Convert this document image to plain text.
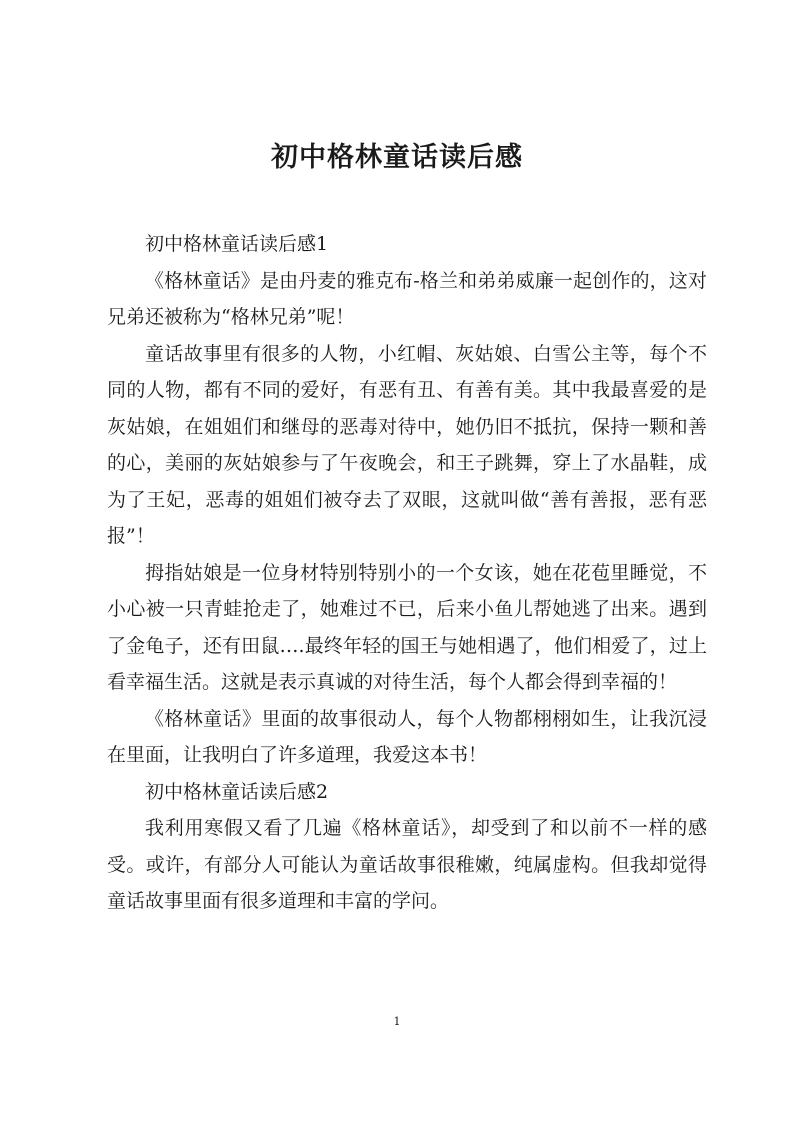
初中格林童话读后感

初中格林童话读后感1

《格林童话》是由丹麦的雅克布-格兰和弟弟威廉一起创作的，这对兄弟还被称为“格林兄弟”呢！

童话故事里有很多的人物，小红帽、灰姑娘、白雪公主等，每个不同的人物，都有不同的爱好，有恶有丑、有善有美。其中我最喜爱的是灰姑娘，在姐姐们和继母的恶毒对待中，她仍旧不抵抗，保持一颗和善的心，美丽的灰姑娘参与了午夜晚会，和王子跳舞，穿上了水晶鞋，成为了王妃，恶毒的姐姐们被夺去了双眼，这就叫做“善有善报，恶有恶报”！

拇指姑娘是一位身材特别特别小的一个女该，她在花苞里睡觉，不小心被一只青蛙抢走了，她难过不已，后来小鱼儿帮她逃了出来。遇到了金龟子，还有田鼠….最终年轻的国王与她相遇了，他们相爱了，过上看幸福生活。这就是表示真诚的对待生活，每个人都会得到幸福的！

《格林童话》里面的故事很动人，每个人物都栩栩如生，让我沉浸在里面，让我明白了许多道理，我爱这本书！

初中格林童话读后感2

我利用寒假又看了几遍《格林童话》，却受到了和以前不一样的感受。或许，有部分人可能认为童话故事很稚嫩，纯属虚构。但我却觉得童话故事里面有很多道理和丰富的学问。

1
